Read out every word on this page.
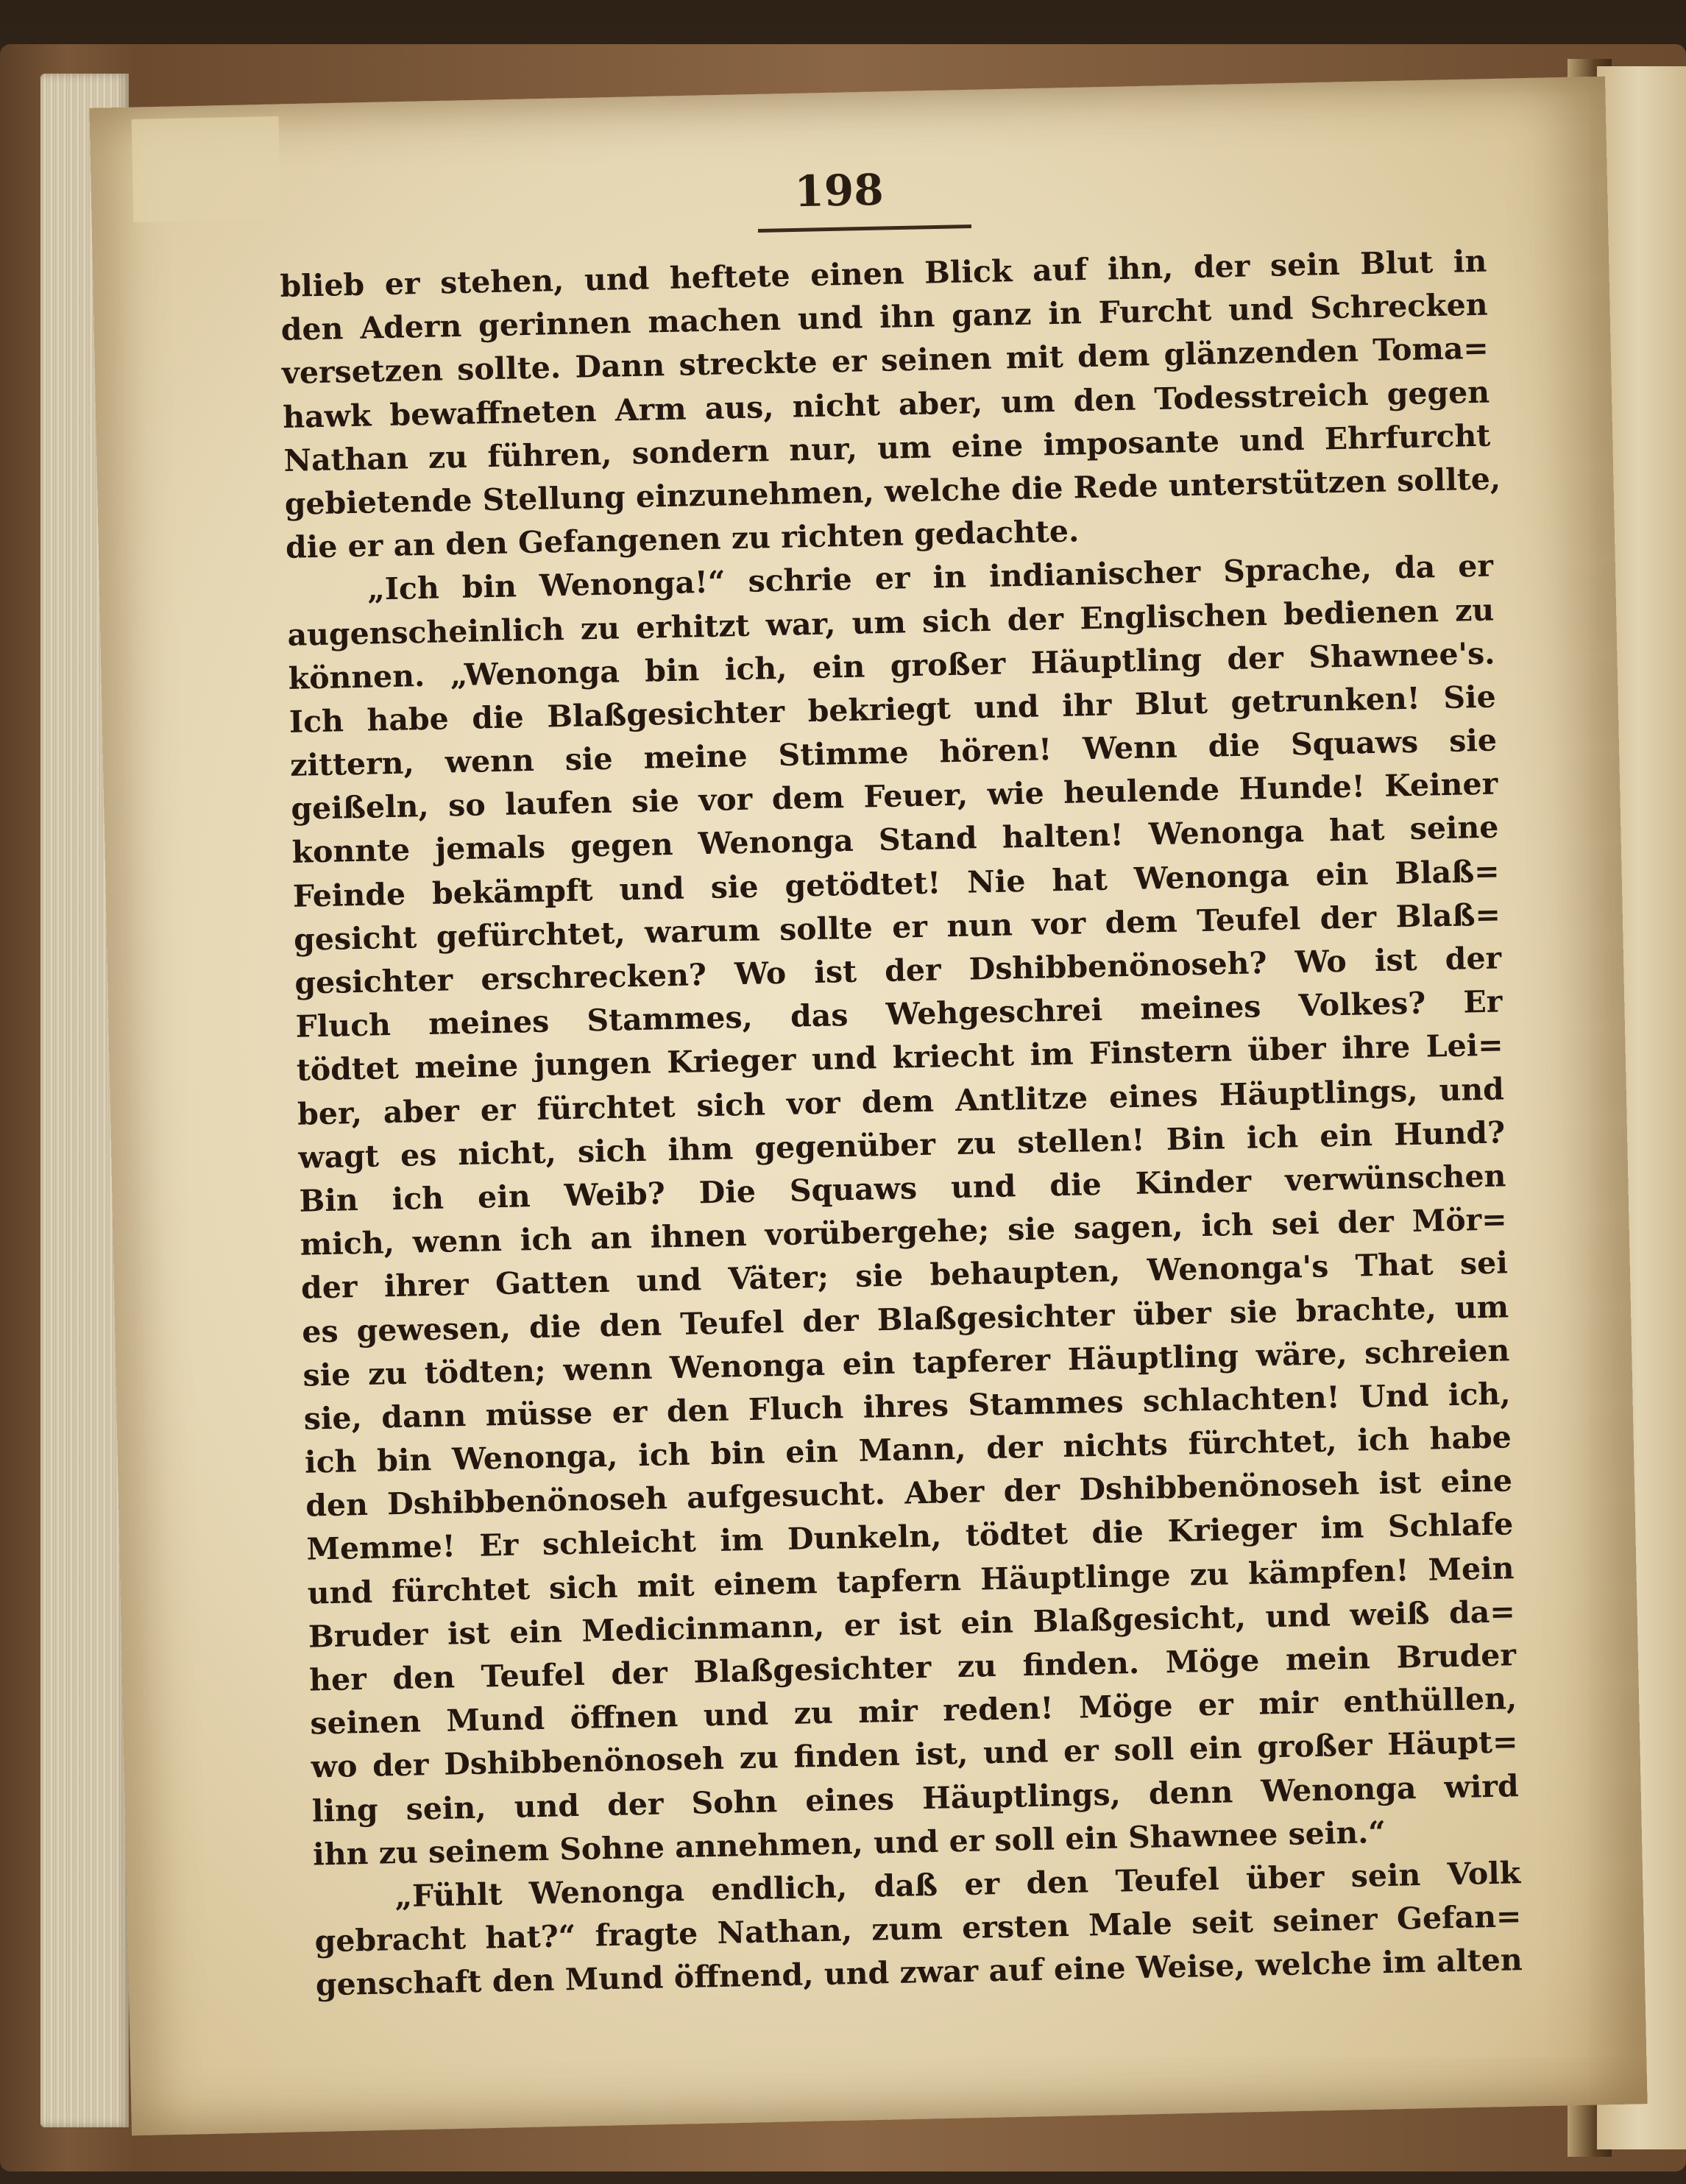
198
blieb er stehen, und heftete einen Blick auf ihn, der sein Blut in
den Adern gerinnen machen und ihn ganz in Furcht und Schrecken
versetzen sollte. Dann streckte er seinen mit dem glänzenden Toma=
hawk bewaffneten Arm aus, nicht aber, um den Todesstreich gegen
Nathan zu führen, sondern nur, um eine imposante und Ehrfurcht
gebietende Stellung einzunehmen, welche die Rede unterstützen sollte,
die er an den Gefangenen zu richten gedachte.
„Ich bin Wenonga!“ schrie er in indianischer Sprache, da er
augenscheinlich zu erhitzt war, um sich der Englischen bedienen zu
können. „Wenonga bin ich, ein großer Häuptling der Shawnee's.
Ich habe die Blaßgesichter bekriegt und ihr Blut getrunken! Sie
zittern, wenn sie meine Stimme hören! Wenn die Squaws sie
geißeln, so laufen sie vor dem Feuer, wie heulende Hunde! Keiner
konnte jemals gegen Wenonga Stand halten! Wenonga hat seine
Feinde bekämpft und sie getödtet! Nie hat Wenonga ein Blaß=
gesicht gefürchtet, warum sollte er nun vor dem Teufel der Blaß=
gesichter erschrecken? Wo ist der Dshibbenönoseh? Wo ist der
Fluch meines Stammes, das Wehgeschrei meines Volkes? Er
tödtet meine jungen Krieger und kriecht im Finstern über ihre Lei=
ber, aber er fürchtet sich vor dem Antlitze eines Häuptlings, und
wagt es nicht, sich ihm gegenüber zu stellen! Bin ich ein Hund?
Bin ich ein Weib? Die Squaws und die Kinder verwünschen
mich, wenn ich an ihnen vorübergehe; sie sagen, ich sei der Mör=
der ihrer Gatten und Väter; sie behaupten, Wenonga's That sei
es gewesen, die den Teufel der Blaßgesichter über sie brachte, um
sie zu tödten; wenn Wenonga ein tapferer Häuptling wäre, schreien
sie, dann müsse er den Fluch ihres Stammes schlachten! Und ich,
ich bin Wenonga, ich bin ein Mann, der nichts fürchtet, ich habe
den Dshibbenönoseh aufgesucht. Aber der Dshibbenönoseh ist eine
Memme! Er schleicht im Dunkeln, tödtet die Krieger im Schlafe
und fürchtet sich mit einem tapfern Häuptlinge zu kämpfen! Mein
Bruder ist ein Medicinmann, er ist ein Blaßgesicht, und weiß da=
her den Teufel der Blaßgesichter zu finden. Möge mein Bruder
seinen Mund öffnen und zu mir reden! Möge er mir enthüllen,
wo der Dshibbenönoseh zu finden ist, und er soll ein großer Häupt=
ling sein, und der Sohn eines Häuptlings, denn Wenonga wird
ihn zu seinem Sohne annehmen, und er soll ein Shawnee sein.“
„Fühlt Wenonga endlich, daß er den Teufel über sein Volk
gebracht hat?“ fragte Nathan, zum ersten Male seit seiner Gefan=
genschaft den Mund öffnend, und zwar auf eine Weise, welche im alten
